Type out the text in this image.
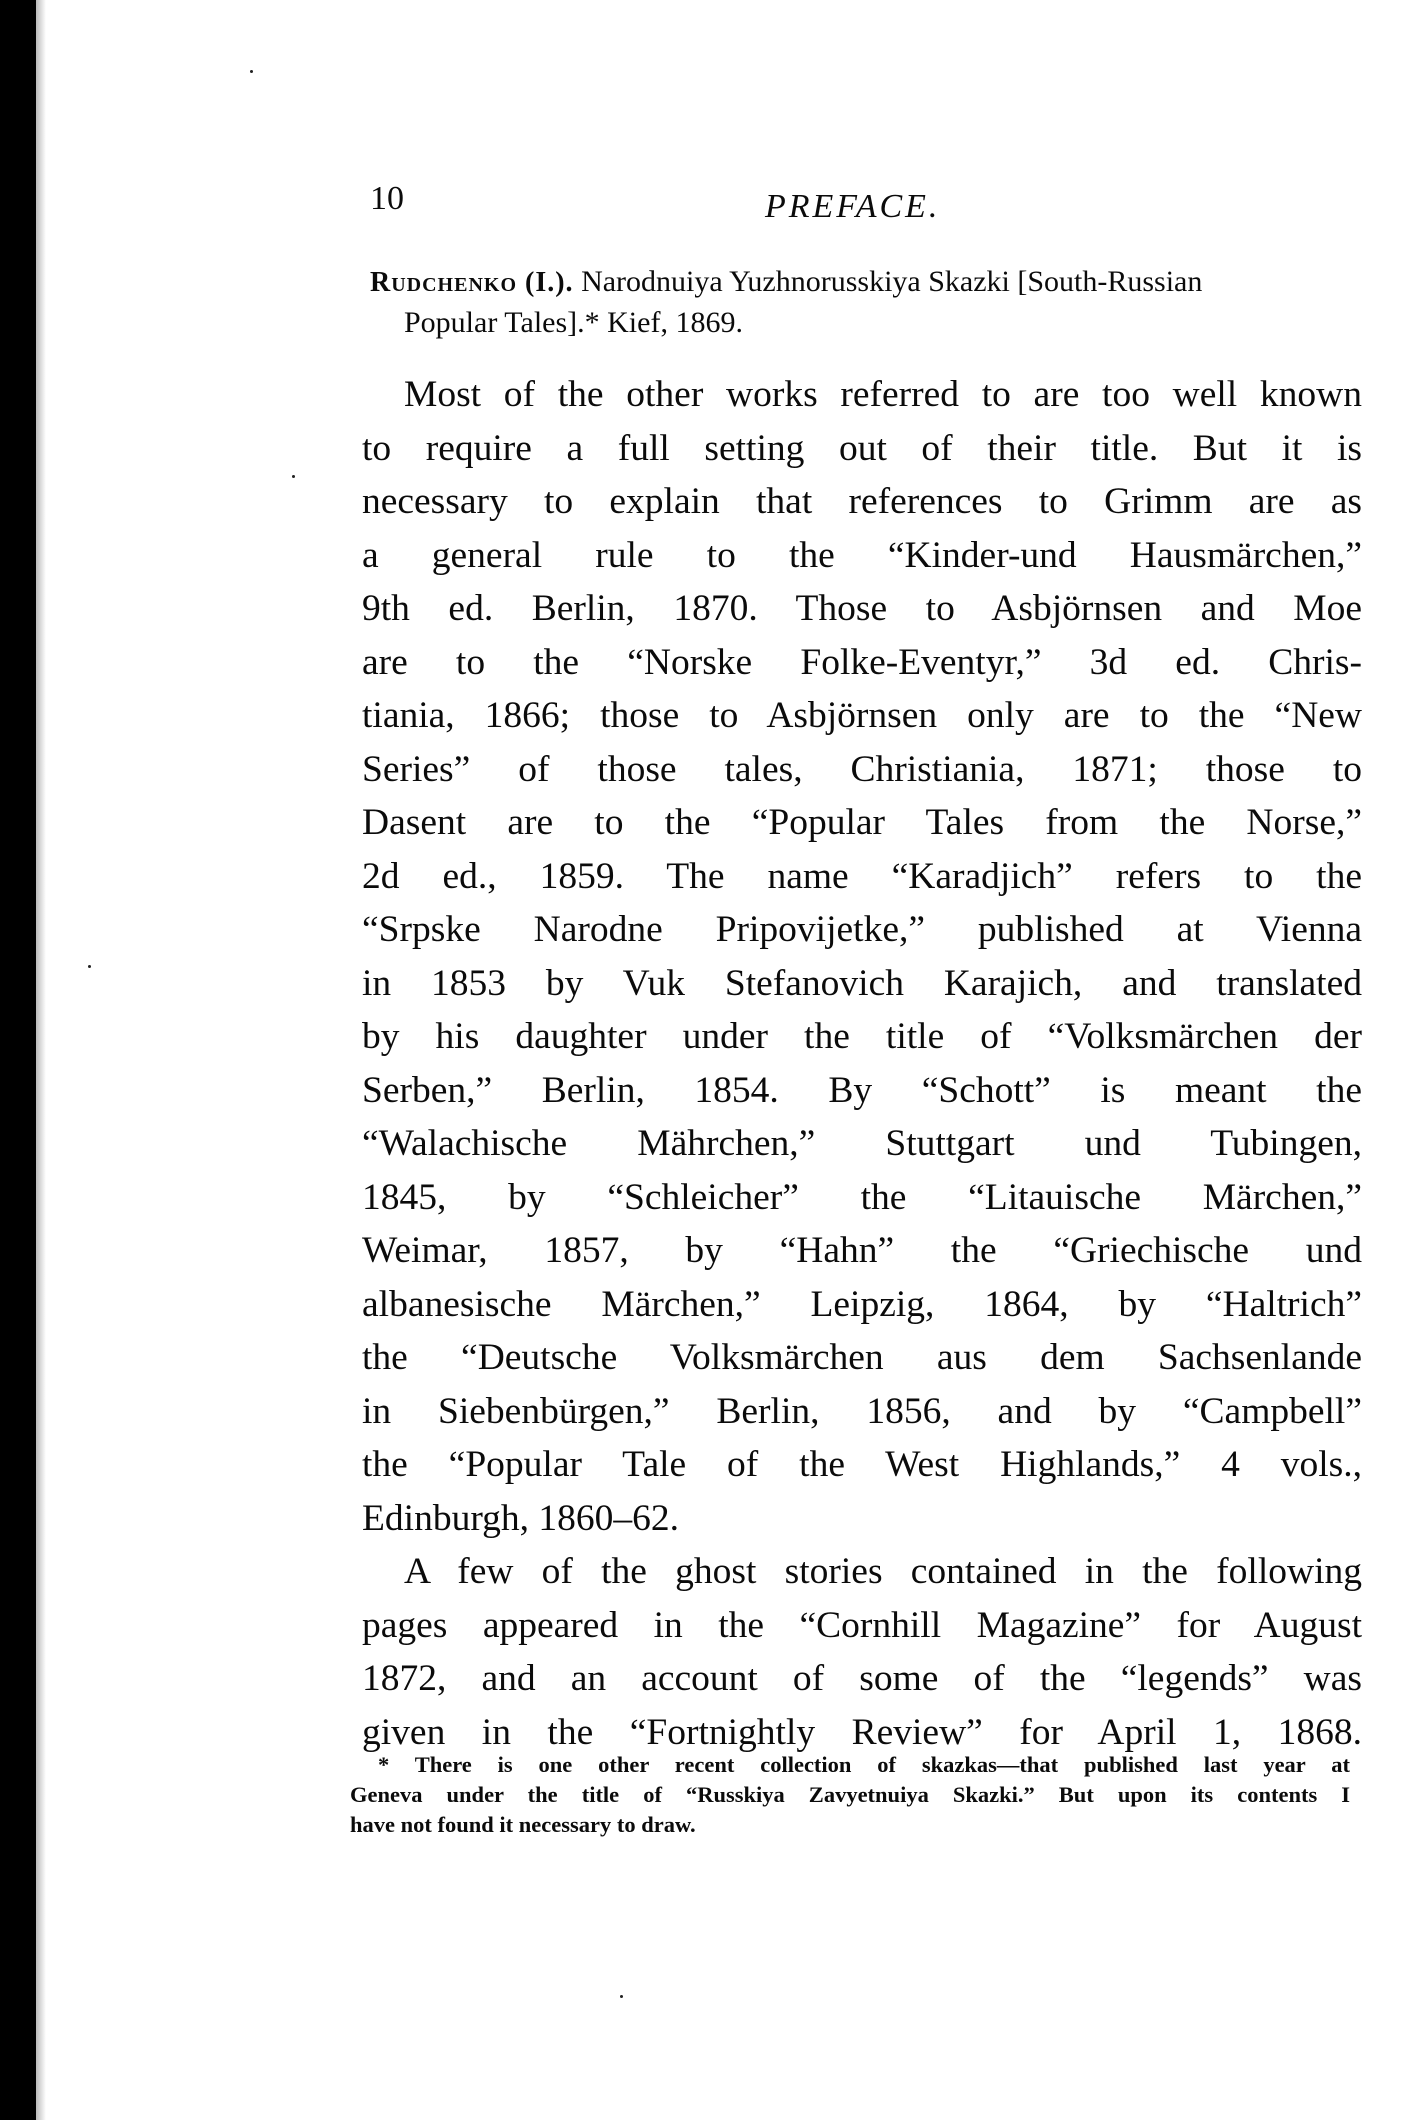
10	PREFACE.
Rudchenko (I.). Narodnuiya Yuzhnorusskiya Skazki [South-Russian
Popular Tales].* Kief, 1869.
Most of the other works referred to are too well known
to require a full setting out of their title. But it is
necessary to explain that references to Grimm are as
a general rule to the “Kinder-und Hausmärchen,”
9th ed. Berlin, 1870. Those to Asbjörnsen and Moe
are to the “Norske Folke-Eventyr,” 3d ed. Chris-
tiania, 1866; those to Asbjörnsen only are to the “New
Series” of those tales, Christiania, 1871; those to
Dasent are to the “Popular Tales from the Norse,”
2d ed., 1859. The name “Karadjich” refers to the
“Srpske Narodne Pripovijetke,” published at Vienna
in 1853 by Vuk Stefanovich Karajich, and translated
by his daughter under the title of “Volksmärchen der
Serben,” Berlin, 1854. By “Schott” is meant the
“Walachische Mährchen,” Stuttgart und Tubingen,
1845, by “Schleicher” the “Litauische Märchen,”
Weimar, 1857, by “Hahn” the “Griechische und
albanesische Märchen,” Leipzig, 1864, by “Haltrich”
the “Deutsche Volksmärchen aus dem Sachsenlande
in Siebenbürgen,” Berlin, 1856, and by “Campbell”
the “Popular Tale of the West Highlands,” 4 vols.,
Edinburgh, 1860–62.
A few of the ghost stories contained in the following
pages appeared in the “Cornhill Magazine” for August
1872, and an account of some of the “legends” was
given in the “Fortnightly Review” for April 1, 1868.
* There is one other recent collection of skazkas—that published last year at
Geneva under the title of “Russkiya Zavyetnuiya Skazki.” But upon its contents I
have not found it necessary to draw.
